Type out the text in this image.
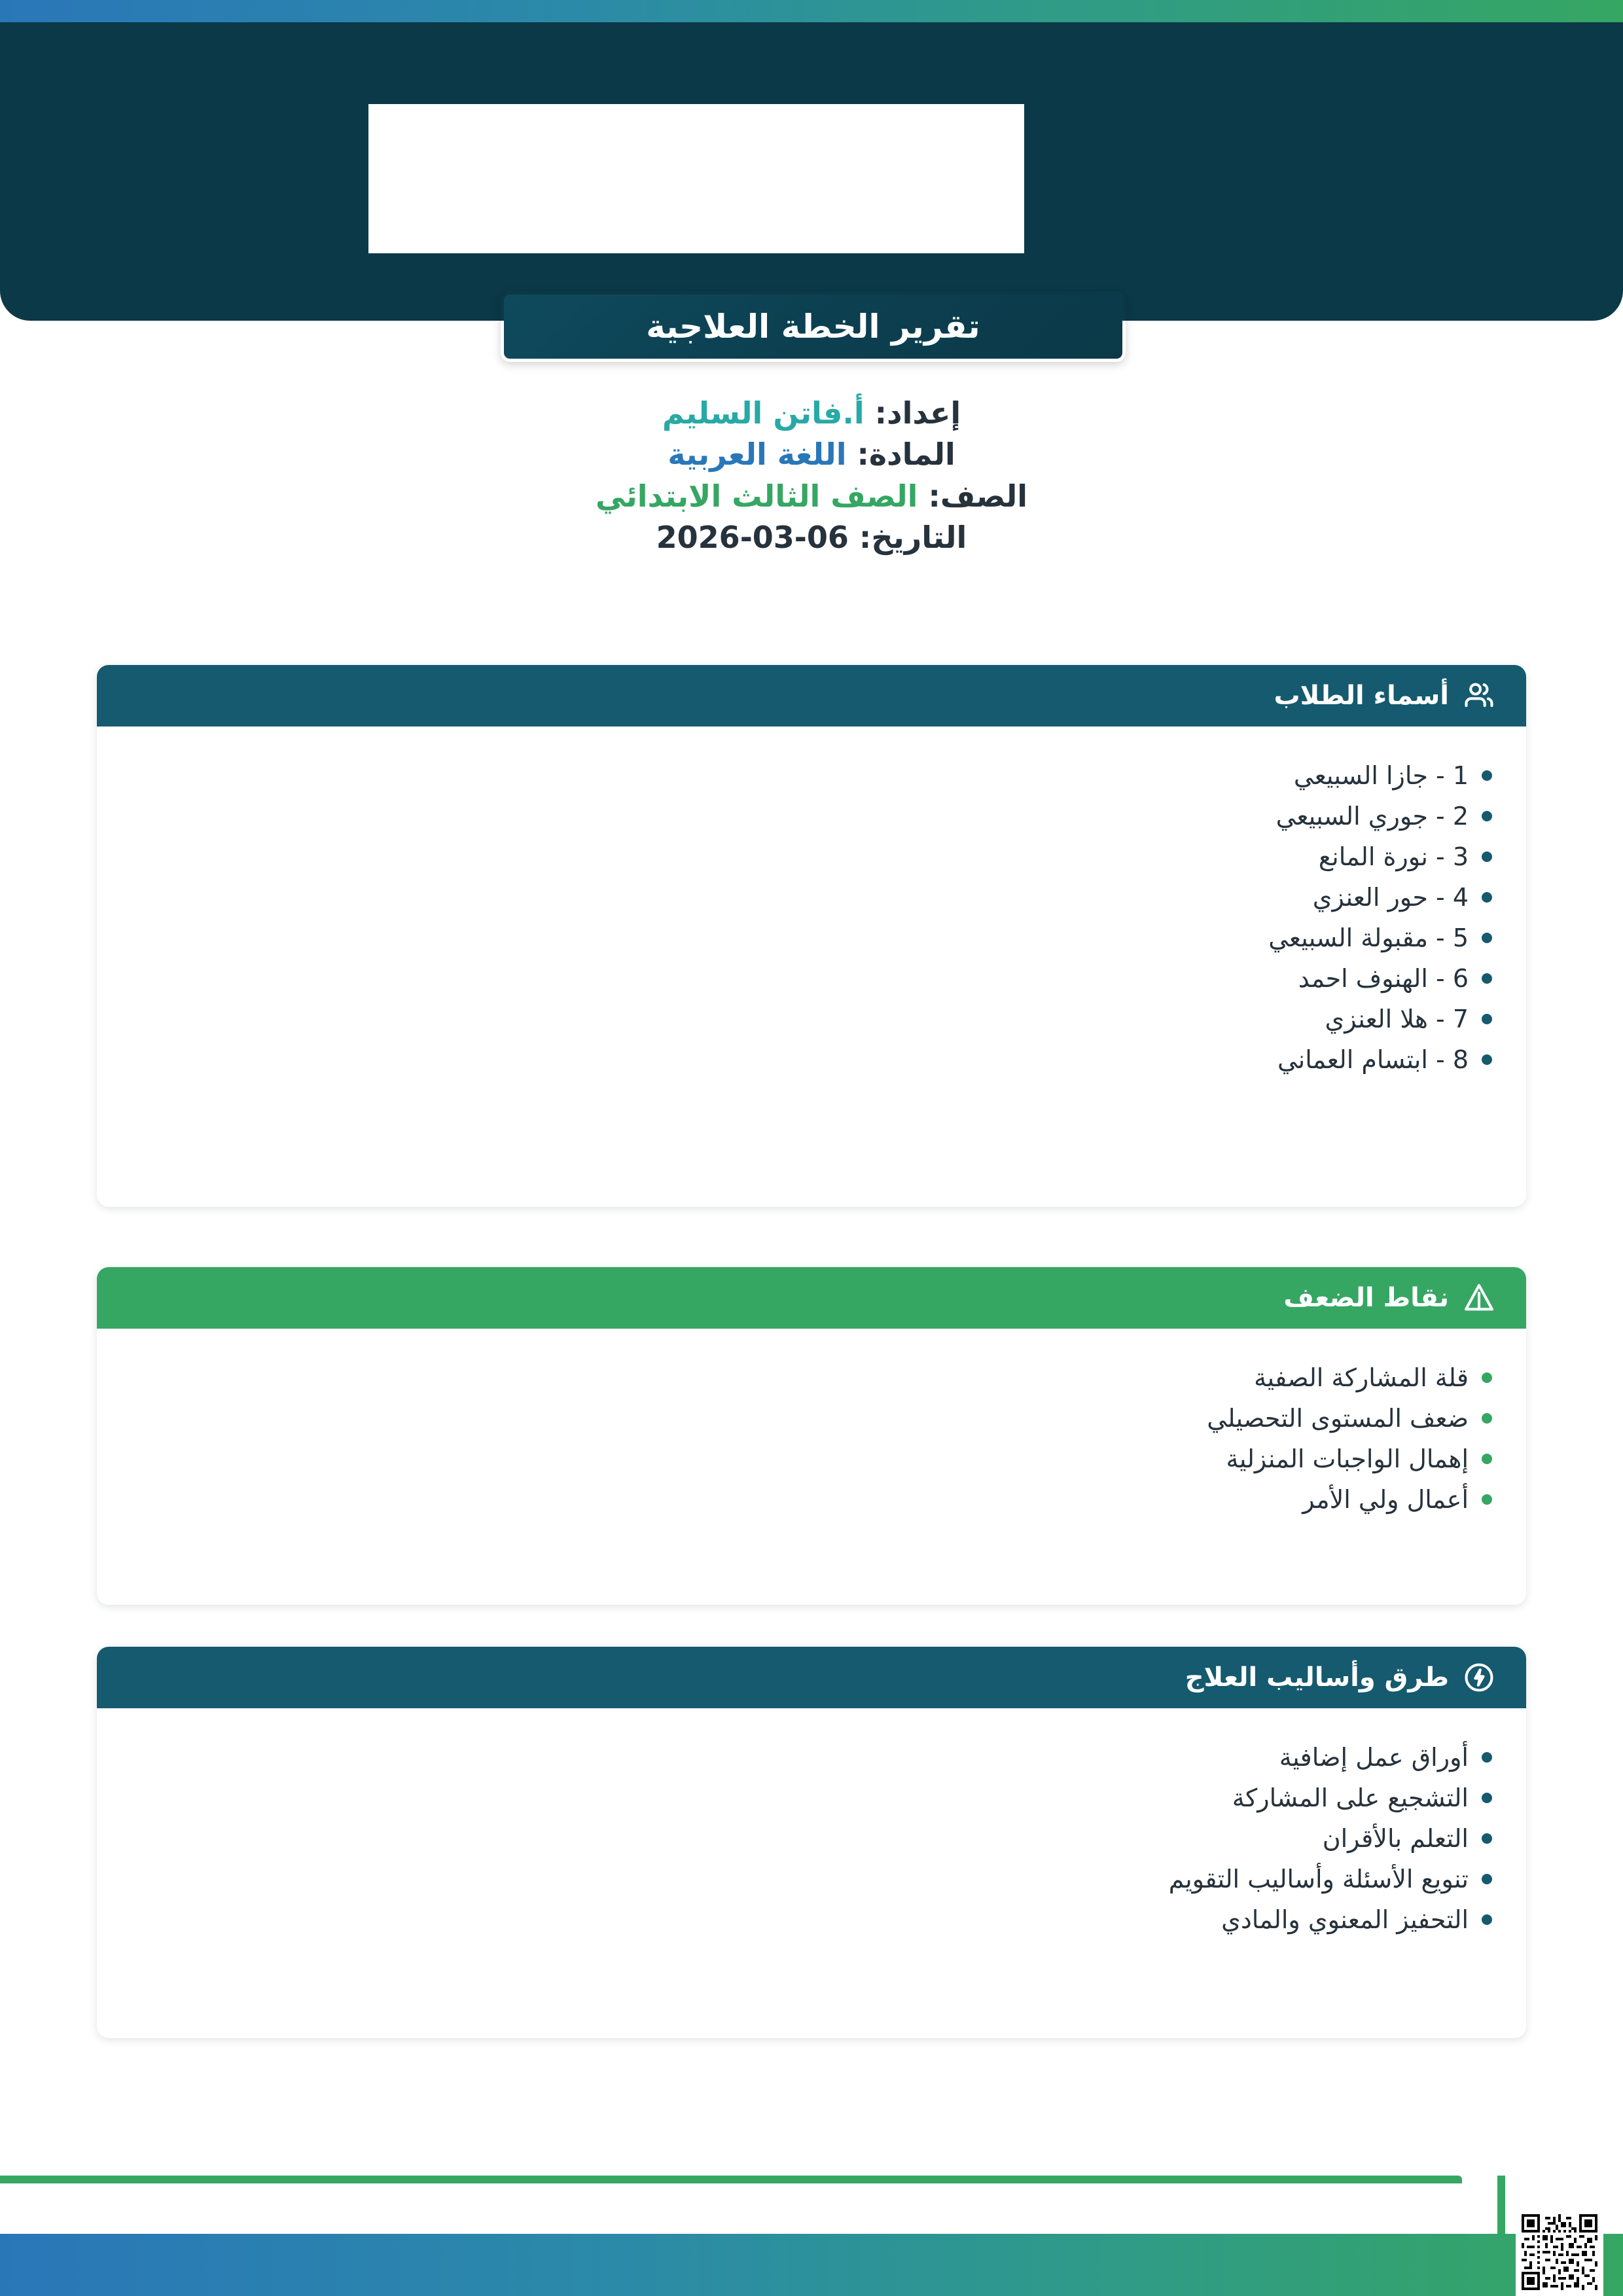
تقرير الخطة العلاجية
إعداد: أ.فاتن السليم
المادة: اللغة العربية
الصف: الصف الثالث الابتدائي
التاريخ: 06-03-2026
أسماء الطلاب
1 - جازا السبيعي
2 - جوري السبيعي
3 - نورة المانع
4 - حور العنزي
5 - مقبولة السبيعي
6 - الهنوف احمد
7 - هلا العنزي
8 - ابتسام العماني
نقاط الضعف
قلة المشاركة الصفية
ضعف المستوى التحصيلي
إهمال الواجبات المنزلية
أعمال ولي الأمر
طرق وأساليب العلاج
أوراق عمل إضافية
التشجيع على المشاركة
التعلم بالأقران
تنويع الأسئلة وأساليب التقويم
التحفيز المعنوي والمادي
